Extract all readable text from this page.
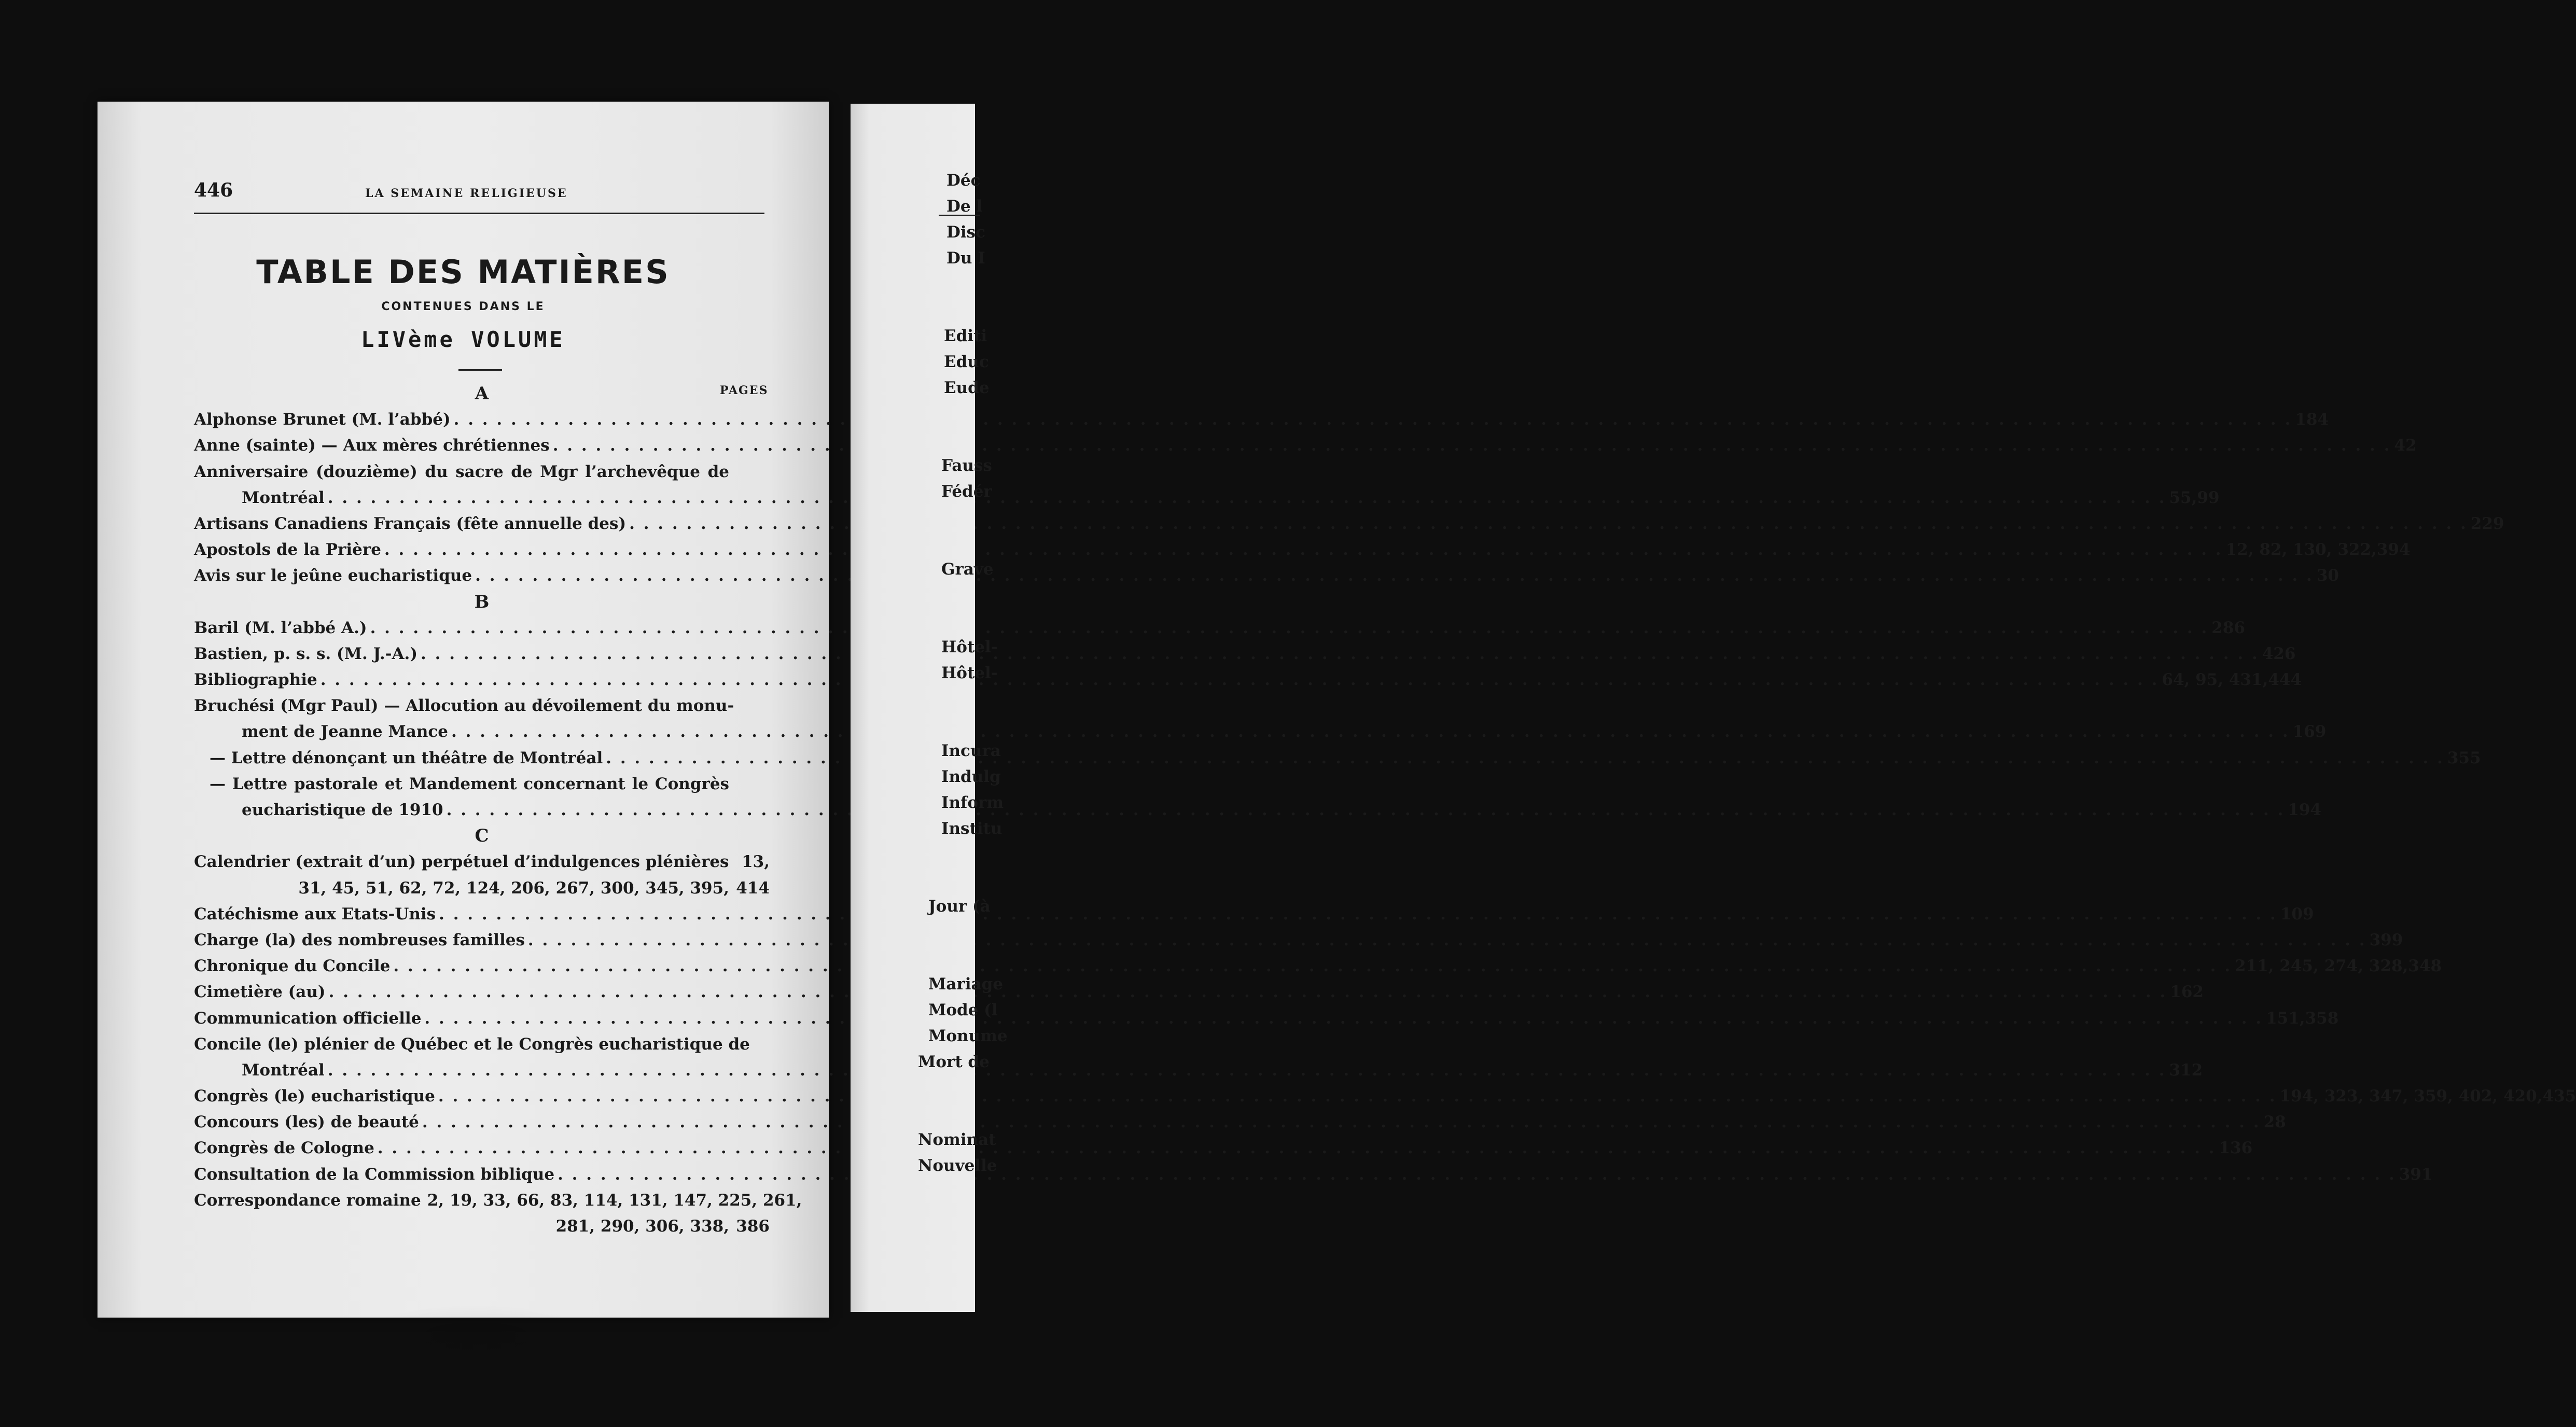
446	LA SEMAINE RELIGIEUSE
TABLE DES MATIÈRES
CONTENUES DANS LE
LIVème VOLUME
PAGES
A
Alphonse Brunet (M. l’abbé) . . .	184
Anne (sainte) — Aux mères chrétiennes . . .	42
Anniversaire (douzième) du sacre de Mgr l’archevêque de
Montréal . . .	55, 99
Artisans Canadiens Français (fête annuelle des) . . .	229
Apostols de la Prière . . .	12, 82, 130, 322, 394
Avis sur le jeûne eucharistique . . .	30
B
Baril (M. l’abbé A.) . . .	286
Bastien, p. s. s. (M. J.-A.) . . .	426
Bibliographie . . .	64, 95, 431, 444
Bruchési (Mgr Paul) — Allocution au dévoilement du monu-
ment de Jeanne Mance . . .	169
— Lettre dénonçant un théâtre de Montréal . . .	355
— Lettre pastorale et Mandement concernant le Congrès
eucharistique de 1910 . . .	194
C
Calendrier (extrait d’un) perpétuel d’indulgences plénières 13,
31, 45, 51, 62, 72, 124, 206, 267, 300, 345, 395, 414
Catéchisme aux Etats-Unis . . .	109
Charge (la) des nombreuses familles . . .	399
Chronique du Concile . . .	211, 245, 274, 328, 348
Cimetière (au) . . .	162
Communication officielle . . .	151, 358
Concile (le) plénier de Québec et le Congrès eucharistique de
Montréal . . .	312
Congrès (le) eucharistique . . .	194, 323, 347, 359, 402, 420, 435
Concours (les) de beauté . . .	28
Congrès de Cologne . . .	136
Consultation de la Commission biblique . . .	391
Correspondance romaine 2, 19, 33, 66, 83, 114, 131, 147, 225, 261,
281, 290, 306, 338, 386
Déc
De l
Disc
Du I
Editi
Educ
Eude
Fauss
Fédér
Grave
Hôtel-
Hôtel-
Incura
Indulg
Inform
Institu
Jour (à
Mariage
Mode (l
Monume
Mort de
Nominat
Nouvelle
